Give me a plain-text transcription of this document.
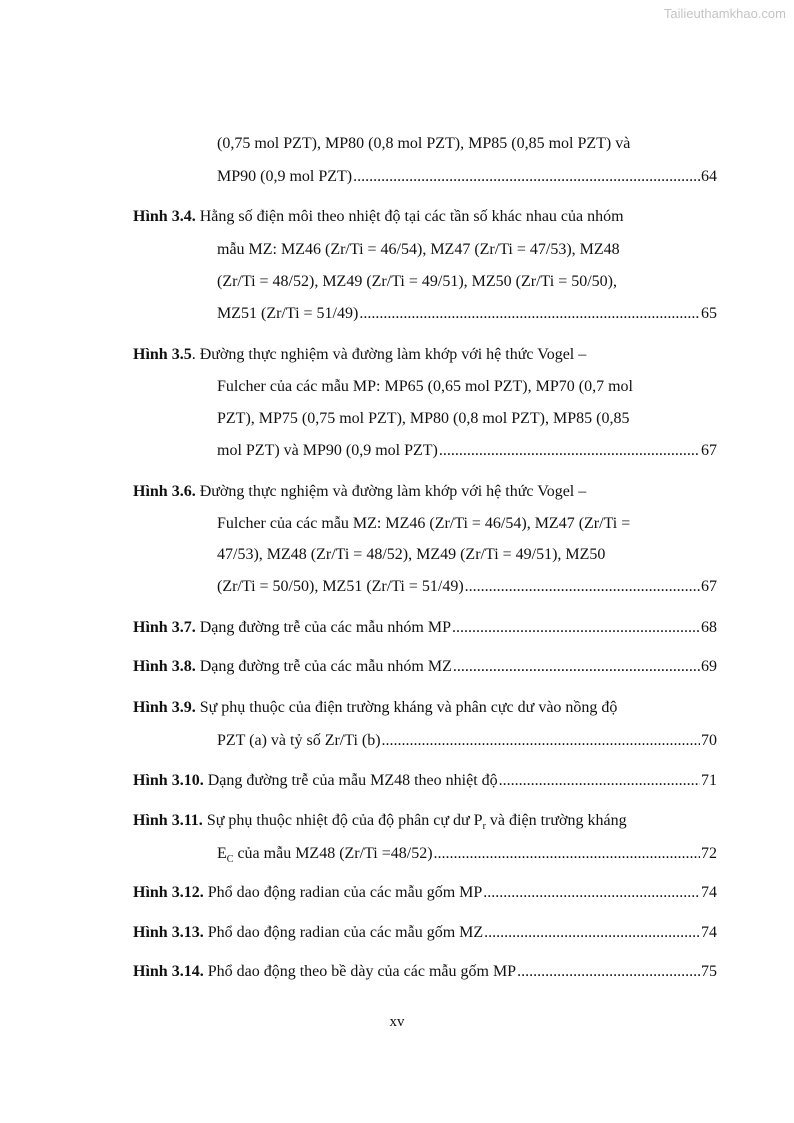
Tailieuthamkhao.com
(0,75 mol PZT), MP80 (0,8 mol PZT), MP85 (0,85 mol PZT) và
MP90 (0,9 mol PZT) .....	64
Hình 3.4. Hằng số điện môi theo nhiệt độ tại các tần số khác nhau của nhóm
mẫu MZ: MZ46 (Zr/Ti = 46/54), MZ47 (Zr/Ti = 47/53), MZ48
(Zr/Ti = 48/52), MZ49 (Zr/Ti = 49/51), MZ50 (Zr/Ti = 50/50),
MZ51 (Zr/Ti = 51/49) .....	65
Hình 3.5. Đường thực nghiệm và đường làm khớp với hệ thức Vogel –
Fulcher của các mẫu MP: MP65 (0,65 mol PZT), MP70 (0,7 mol
PZT), MP75 (0,75 mol PZT), MP80 (0,8 mol PZT), MP85 (0,85
mol PZT) và MP90 (0,9 mol PZT) .....	67
Hình 3.6. Đường thực nghiệm và đường làm khớp với hệ thức Vogel –
Fulcher của các mẫu MZ: MZ46 (Zr/Ti = 46/54), MZ47 (Zr/Ti =
47/53), MZ48 (Zr/Ti = 48/52), MZ49 (Zr/Ti = 49/51), MZ50
(Zr/Ti = 50/50), MZ51 (Zr/Ti = 51/49) .....	67
Hình 3.7.
Dạng đường trễ của các mẫu nhóm MP .....	68
Hình 3.8.
Dạng đường trễ của các mẫu nhóm MZ .....	69
Hình 3.9. Sự phụ thuộc của điện trường kháng và phân cực dư vào nồng độ
PZT (a) và tỷ số Zr/Ti (b) .....	70
Hình 3.10.
Dạng đường trễ của mẫu MZ48 theo nhiệt độ .....	71
Hình 3.11. Sự phụ thuộc nhiệt độ của độ phân cự dư $P_r$ và điện trường kháng
$E_C$ của mẫu MZ48 (Zr/Ti =48/52) .....	72
Hình 3.12.
Phổ dao động radian của các mẫu gốm MP .....	74
Hình 3.13.
Phổ dao động radian của các mẫu gốm MZ .....	74
Hình 3.14.
Phổ dao động theo bề dày của các mẫu gốm MP .....	75
xv
